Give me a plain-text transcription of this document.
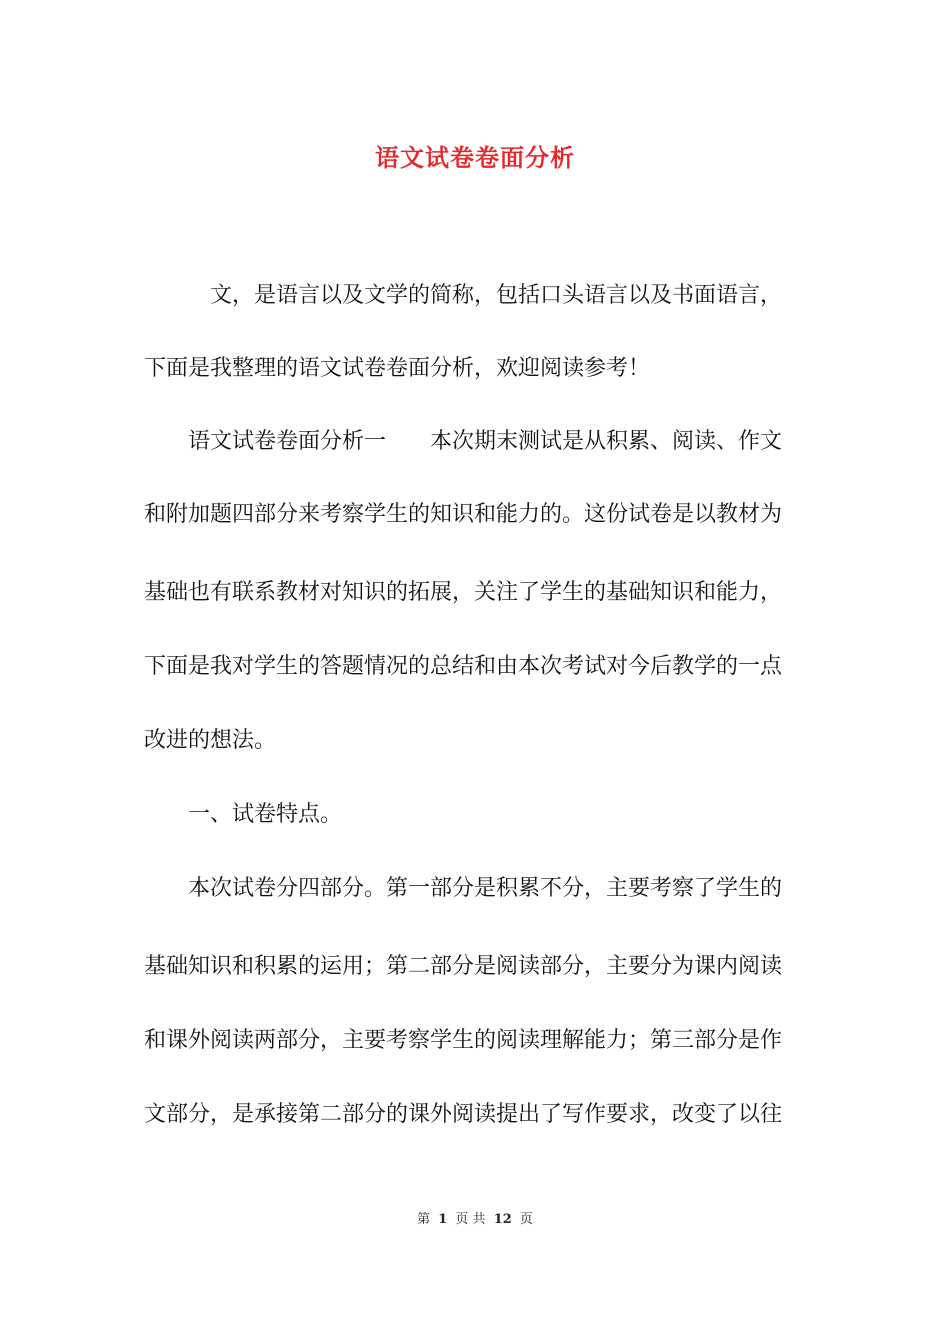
语文试卷卷面分析
　　　文，是语言以及文学的简称，包括口头语言以及书面语言，
下面是我整理的语文试卷卷面分析，欢迎阅读参考！
　　语文试卷卷面分析一　　本次期末测试是从积累、阅读、作文
和附加题四部分来考察学生的知识和能力的。这份试卷是以教材为
基础也有联系教材对知识的拓展，关注了学生的基础知识和能力，
下面是我对学生的答题情况的总结和由本次考试对今后教学的一点
改进的想法。
　　一、试卷特点。
　　本次试卷分四部分。第一部分是积累不分，主要考察了学生的
基础知识和积累的运用；第二部分是阅读部分，主要分为课内阅读
和课外阅读两部分，主要考察学生的阅读理解能力；第三部分是作
文部分，是承接第二部分的课外阅读提出了写作要求，改变了以往
第 1 页 共 12 页
